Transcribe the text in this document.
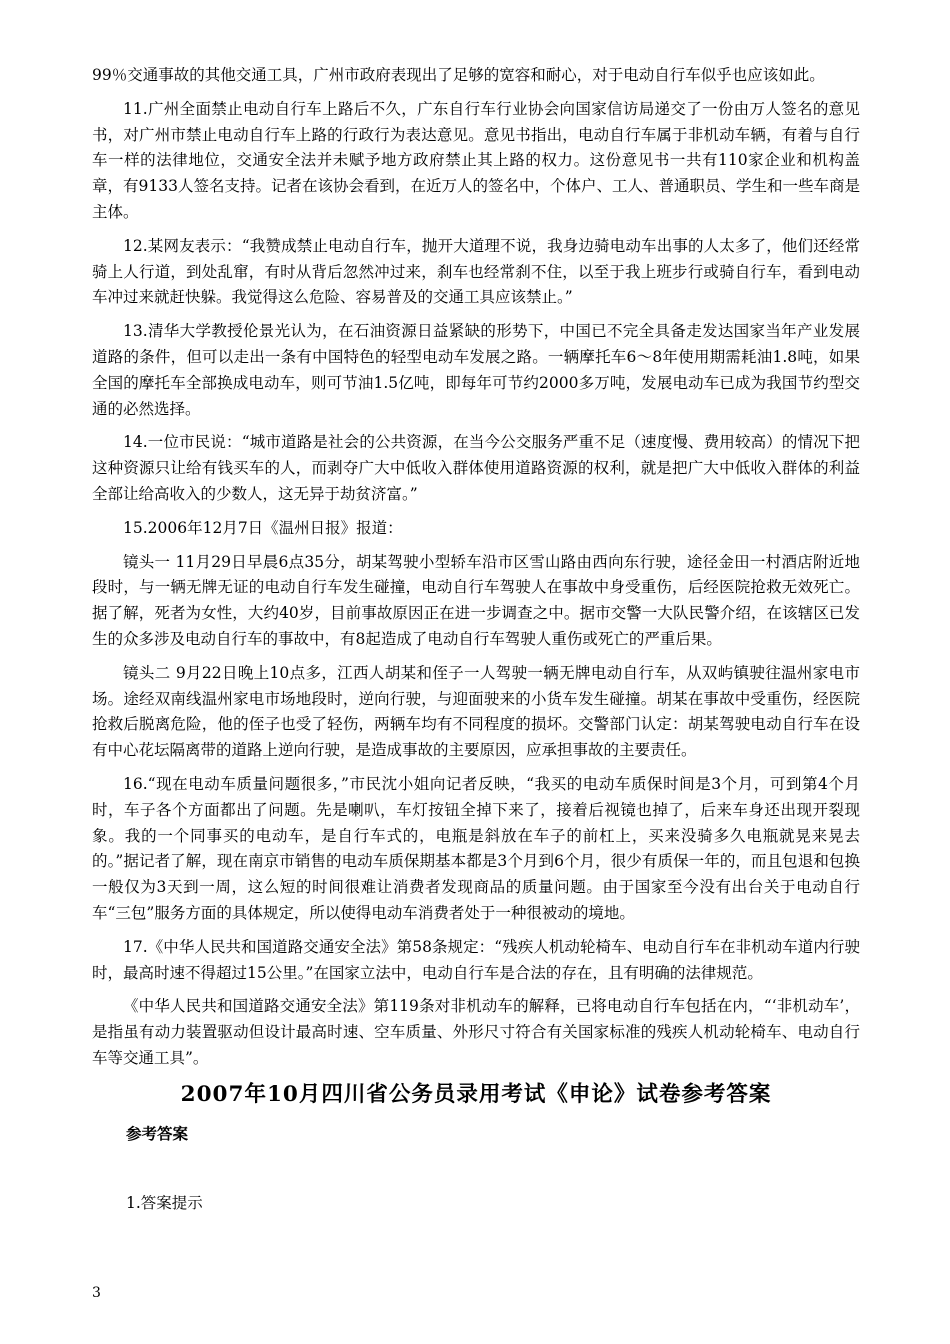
99％交通事故的其他交通工具，广州市政府表现出了足够的宽容和耐心，对于电动自行车似乎也应该如此。

11.广州全面禁止电动自行车上路后不久，广东自行车行业协会向国家信访局递交了一份由万人签名的意见书，对广州市禁止电动自行车上路的行政行为表达意见。意见书指出，电动自行车属于非机动车辆，有着与自行车一样的法律地位，交通安全法并未赋予地方政府禁止其上路的权力。这份意见书一共有110家企业和机构盖章，有9133人签名支持。记者在该协会看到，在近万人的签名中，个体户、工人、普通职员、学生和一些车商是主体。

12.某网友表示：“我赞成禁止电动自行车，抛开大道理不说，我身边骑电动车出事的人太多了，他们还经常骑上人行道，到处乱窜，有时从背后忽然冲过来，刹车也经常刹不住，以至于我上班步行或骑自行车，看到电动车冲过来就赶快躲。我觉得这么危险、容易普及的交通工具应该禁止。”

13.清华大学教授伦景光认为，在石油资源日益紧缺的形势下，中国已不完全具备走发达国家当年产业发展道路的条件，但可以走出一条有中国特色的轻型电动车发展之路。一辆摩托车6～8年使用期需耗油1.8吨，如果全国的摩托车全部换成电动车，则可节油1.5亿吨，即每年可节约2000多万吨，发展电动车已成为我国节约型交通的必然选择。

14.一位市民说：“城市道路是社会的公共资源，在当今公交服务严重不足（速度慢、费用较高）的情况下把这种资源只让给有钱买车的人，而剥夺广大中低收入群体使用道路资源的权利，就是把广大中低收入群体的利益全部让给高收入的少数人，这无异于劫贫济富。”

15.2006年12月7日《温州日报》报道：

镜头一 11月29日早晨6点35分，胡某驾驶小型轿车沿市区雪山路由西向东行驶，途径金田一村酒店附近地段时，与一辆无牌无证的电动自行车发生碰撞，电动自行车驾驶人在事故中身受重伤，后经医院抢救无效死亡。据了解，死者为女性，大约40岁，目前事故原因正在进一步调查之中。据市交警一大队民警介绍，在该辖区已发生的众多涉及电动自行车的事故中，有8起造成了电动自行车驾驶人重伤或死亡的严重后果。

镜头二 9月22日晚上10点多，江西人胡某和侄子一人驾驶一辆无牌电动自行车，从双屿镇驶往温州家电市场。途经双南线温州家电市场地段时，逆向行驶，与迎面驶来的小货车发生碰撞。胡某在事故中受重伤，经医院抢救后脱离危险，他的侄子也受了轻伤，两辆车均有不同程度的损坏。交警部门认定：胡某驾驶电动自行车在设有中心花坛隔离带的道路上逆向行驶，是造成事故的主要原因，应承担事故的主要责任。

16.“现在电动车质量问题很多，”市民沈小姐向记者反映，“我买的电动车质保时间是3个月，可到第4个月时，车子各个方面都出了问题。先是喇叭，车灯按钮全掉下来了，接着后视镜也掉了，后来车身还出现开裂现象。我的一个同事买的电动车，是自行车式的，电瓶是斜放在车子的前杠上，买来没骑多久电瓶就晃来晃去的。”据记者了解，现在南京市销售的电动车质保期基本都是3个月到6个月，很少有质保一年的，而且包退和包换一般仅为3天到一周，这么短的时间很难让消费者发现商品的质量问题。由于国家至今没有出台关于电动自行车“三包”服务方面的具体规定，所以使得电动车消费者处于一种很被动的境地。

17.《中华人民共和国道路交通安全法》第58条规定：“残疾人机动轮椅车、电动自行车在非机动车道内行驶时，最高时速不得超过15公里。”在国家立法中，电动自行车是合法的存在，且有明确的法律规范。

《中华人民共和国道路交通安全法》第119条对非机动车的解释，已将电动自行车包括在内，“‘非机动车’，是指虽有动力装置驱动但设计最高时速、空车质量、外形尺寸符合有关国家标准的残疾人机动轮椅车、电动自行车等交通工具”。

2007年10月四川省公务员录用考试《申论》试卷参考答案
参考答案
1.答案提示
3
